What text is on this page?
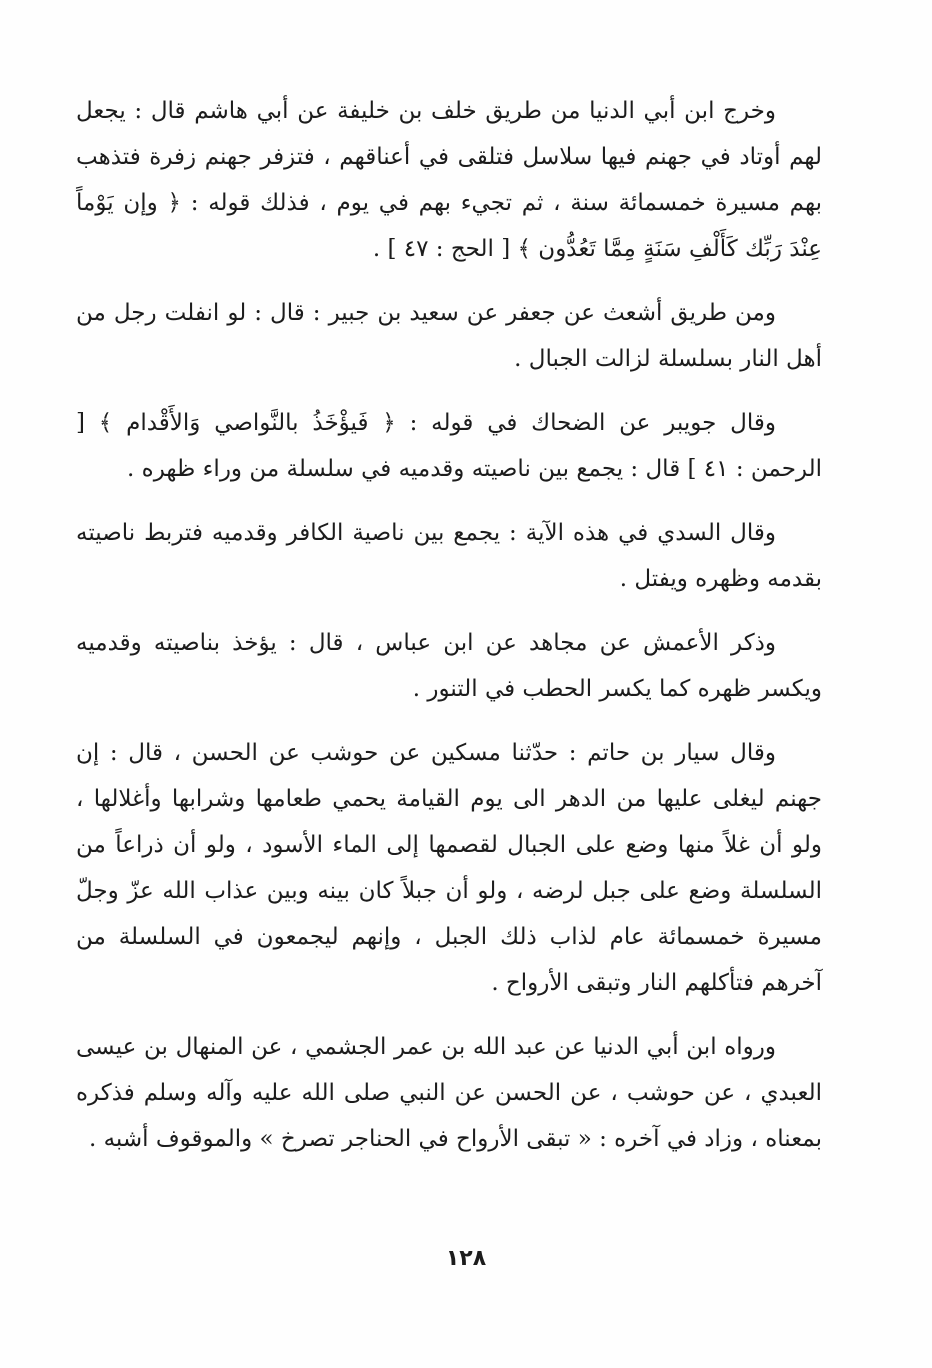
وخرج ابن أبي الدنيا من طريق خلف بن خليفة عن أبي هاشم قال : يجعل لهم أوتاد في جهنم فيها سلاسل فتلقى في أعناقهم ، فتزفر جهنم زفرة فتذهب بهم مسيرة خمسمائة سنة ، ثم تجيء بهم في يوم ، فذلك قوله : ﴿ وإن يَوْماً عِنْدَ رَبِّك كَأَلْفِ سَنَةٍ مِمَّا تَعُدُّون ﴾ [ الحج : ٤٧ ] .

ومن طريق أشعث عن جعفر عن سعيد بن جبير : قال : لو انفلت رجل من أهل النار بسلسلة لزالت الجبال .

وقال جويبر عن الضحاك في قوله : ﴿ فَيؤْخَذُ بالنَّواصي وَالأَقْدام ﴾ [ الرحمن : ٤١ ] قال : يجمع بين ناصيته وقدميه في سلسلة من وراء ظهره .

وقال السدي في هذه الآية : يجمع بين ناصية الكافر وقدميه فتربط ناصيته بقدمه وظهره ويفتل .

وذكر الأعمش عن مجاهد عن ابن عباس ، قال : يؤخذ بناصيته وقدميه ويكسر ظهره كما يكسر الحطب في التنور .

وقال سيار بن حاتم : حدّثنا مسكين عن حوشب عن الحسن ، قال : إن جهنم ليغلى عليها من الدهر الى يوم القيامة يحمي طعامها وشرابها وأغلالها ، ولو أن غلاً منها وضع على الجبال لقصمها إلى الماء الأسود ، ولو أن ذراعاً من السلسلة وضع على جبل لرضه ، ولو أن جبلاً كان بينه وبين عذاب الله عزّ وجلّ مسيرة خمسمائة عام لذاب ذلك الجبل ، وإنهم ليجمعون في السلسلة من آخرهم فتأكلهم النار وتبقى الأرواح .

ورواه ابن أبي الدنيا عن عبد الله بن عمر الجشمي ، عن المنهال بن عيسى العبدي ، عن حوشب ، عن الحسن عن النبي صلى الله عليه وآله وسلم فذكره بمعناه ، وزاد في آخره : « تبقى الأرواح في الحناجر تصرخ » والموقوف أشبه .

١٢٨
